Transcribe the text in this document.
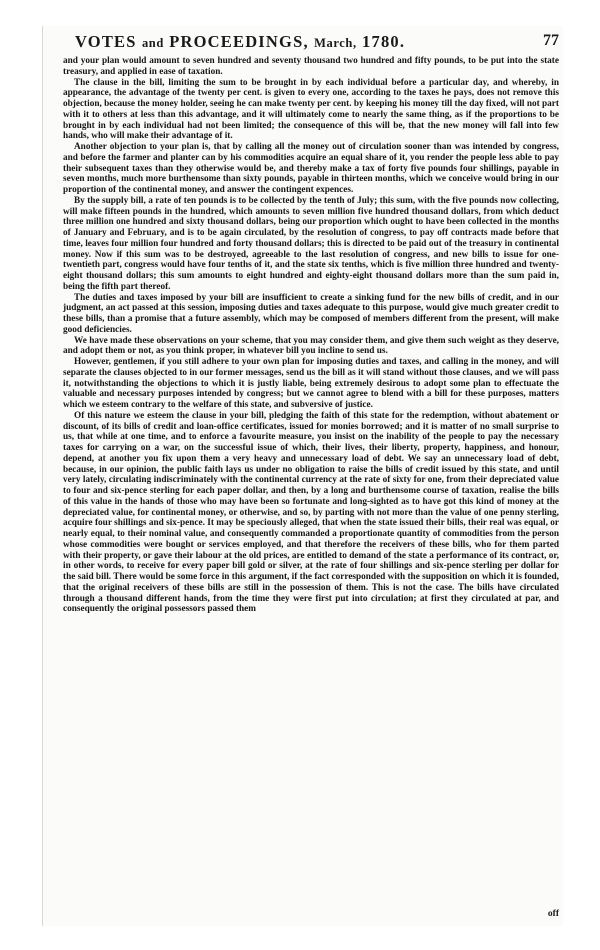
VOTES and PROCEEDINGS, March, 1780.	77

and your plan would amount to seven hundred and seventy thousand two hundred and fifty pounds, to be put into the state treasury, and applied in ease of taxation.

The clause in the bill, limiting the sum to be brought in by each individual before a particular day, and whereby, in appearance, the advantage of the twenty per cent. is given to every one, according to the taxes he pays, does not remove this objection, because the money holder, seeing he can make twenty per cent. by keeping his money till the day fixed, will not part with it to others at less than this advantage, and it will ultimately come to nearly the same thing, as if the proportions to be brought in by each individual had not been limited; the consequence of this will be, that the new money will fall into few hands, who will make their advantage of it.

Another objection to your plan is, that by calling all the money out of circulation sooner than was intended by congress, and before the farmer and planter can by his commodities acquire an equal share of it, you render the people less able to pay their subsequent taxes than they otherwise would be, and thereby make a tax of forty five pounds four shillings, payable in seven months, much more burthensome than sixty pounds, payable in thirteen months, which we conceive would bring in our proportion of the continental money, and answer the contingent expences.

By the supply bill, a rate of ten pounds is to be collected by the tenth of July; this sum, with the five pounds now collecting, will make fifteen pounds in the hundred, which amounts to seven million five hundred thousand dollars, from which deduct three million one hundred and sixty thousand dollars, being our proportion which ought to have been collected in the months of January and February, and is to be again circulated, by the resolution of congress, to pay off contracts made before that time, leaves four million four hundred and forty thousand dollars; this is directed to be paid out of the treasury in continental money. Now if this sum was to be destroyed, agreeable to the last resolution of congress, and new bills to issue for one-twentieth part, congress would have four tenths of it, and the state six tenths, which is five million three hundred and twenty-eight thousand dollars; this sum amounts to eight hundred and eighty-eight thousand dollars more than the sum paid in, being the fifth part thereof.

The duties and taxes imposed by your bill are insufficient to create a sinking fund for the new bills of credit, and in our judgment, an act passed at this session, imposing duties and taxes adequate to this purpose, would give much greater credit to these bills, than a promise that a future assembly, which may be composed of members different from the present, will make good deficiencies.

We have made these observations on your scheme, that you may consider them, and give them such weight as they deserve, and adopt them or not, as you think proper, in whatever bill you incline to send us.

However, gentlemen, if you still adhere to your own plan for imposing duties and taxes, and calling in the money, and will separate the clauses objected to in our former messages, send us the bill as it will stand without those clauses, and we will pass it, notwithstanding the objections to which it is justly liable, being extremely desirous to adopt some plan to effectuate the valuable and necessary purposes intended by congress; but we cannot agree to blend with a bill for these purposes, matters which we esteem contrary to the welfare of this state, and subversive of justice.

Of this nature we esteem the clause in your bill, pledging the faith of this state for the redemption, without abatement or discount, of its bills of credit and loan-office certificates, issued for monies borrowed; and it is matter of no small surprise to us, that while at one time, and to enforce a favourite measure, you insist on the inability of the people to pay the necessary taxes for carrying on a war, on the successful issue of which, their lives, their liberty, property, happiness, and honour, depend, at another you fix upon them a very heavy and unnecessary load of debt. We say an unnecessary load of debt, because, in our opinion, the public faith lays us under no obligation to raise the bills of credit issued by this state, and until very lately, circulating indiscriminately with the continental currency at the rate of sixty for one, from their depreciated value to four and six-pence sterling for each paper dollar, and then, by a long and burthensome course of taxation, realise the bills of this value in the hands of those who may have been so fortunate and long-sighted as to have got this kind of money at the depreciated value, for continental money, or otherwise, and so, by parting with not more than the value of one penny sterling, acquire four shillings and six-pence. It may be speciously alleged, that when the state issued their bills, their real was equal, or nearly equal, to their nominal value, and consequently commanded a proportionate quantity of commodities from the person whose commodities were bought or services employed, and that therefore the receivers of these bills, who for them parted with their property, or gave their labour at the old prices, are entitled to demand of the state a performance of its contract, or, in other words, to receive for every paper bill gold or silver, at the rate of four shillings and six-pence sterling per dollar for the said bill. There would be some force in this argument, if the fact corresponded with the supposition on which it is founded, that the original receivers of these bills are still in the possession of them. This is not the case. The bills have circulated through a thousand different hands, from the time they were first put into circulation; at first they circulated at par, and consequently the original possessors passed them

off
